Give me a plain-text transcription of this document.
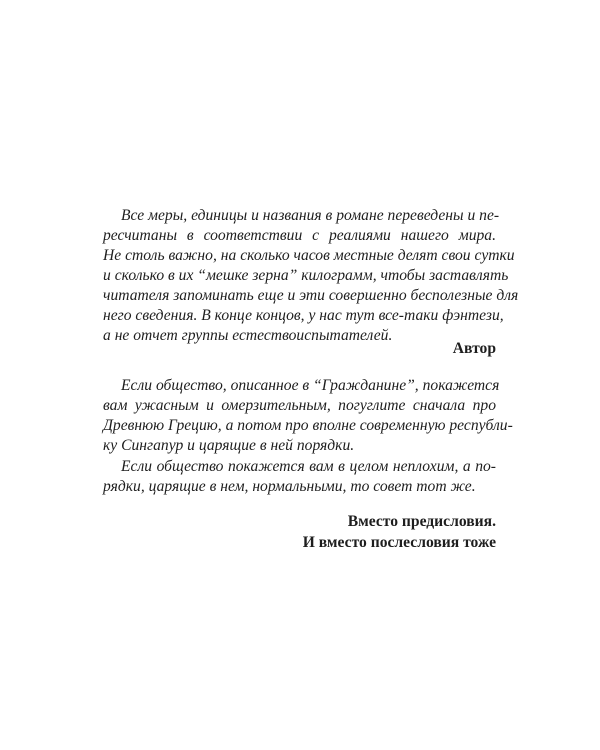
Все меры, единицы и названия в романе переведены и пе-
ресчитаны в соответствии с реалиями нашего мира.
Не столь важно, на сколько часов местные делят свои сутки
и сколько в их “мешке зерна” килограмм, чтобы заставлять
читателя запоминать еще и эти совершенно бесполезные для
него сведения. В конце концов, у нас тут все-таки фэнтези,
а не отчет группы естествоиспытателей.
Автор
Если общество, описанное в “Гражданине”, покажется
вам ужасным и омерзительным, погуглите сначала про
Древнюю Грецию, а потом про вполне современную республи-
ку Сингапур и царящие в ней порядки.
Если общество покажется вам в целом неплохим, а по-
рядки, царящие в нем, нормальными, то совет тот же.
Вместо предисловия.
И вместо послесловия тоже
